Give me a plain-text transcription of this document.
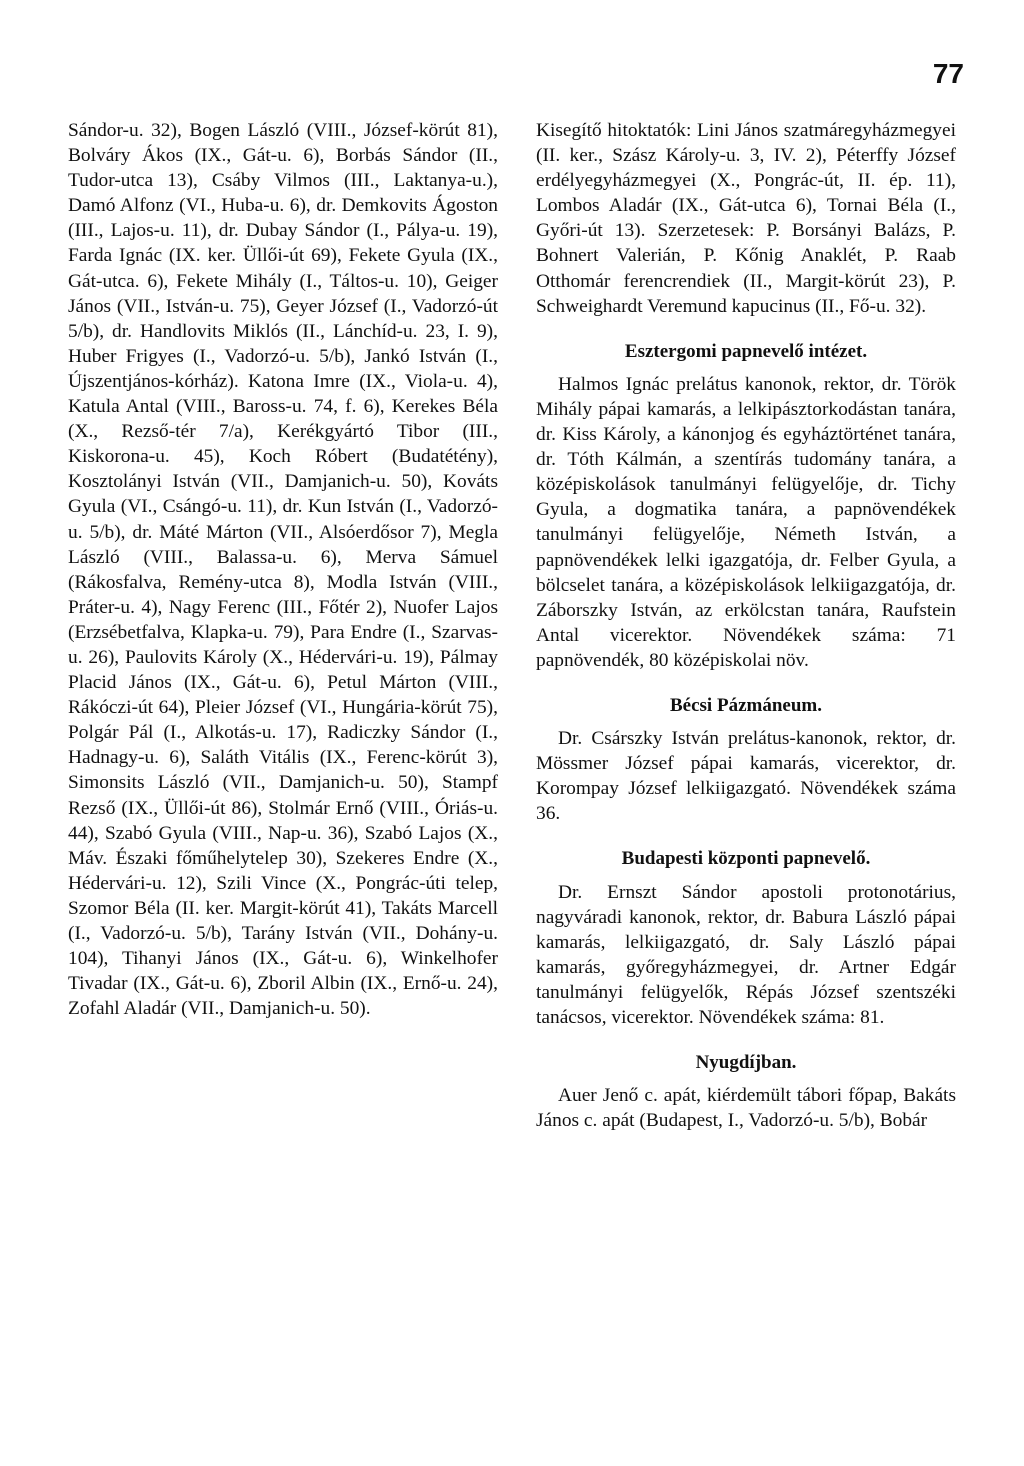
77

Sándor-u. 32), Bogen László (VIII., József-körút 81), Bolváry Ákos (IX., Gát-u. 6), Borbás Sándor (II., Tudor-utca 13), Csáby Vilmos (III., Laktanya-u.), Damó Alfonz (VI., Huba-u. 6), dr. Demkovits Ágoston (III., Lajos-u. 11), dr. Dubay Sándor (I., Pálya-u. 19), Farda Ignác (IX. ker. Üllői-út 69), Fekete Gyula (IX., Gát-utca. 6), Fekete Mihály (I., Táltos-u. 10), Geiger János (VII., István-u. 75), Geyer József (I., Vadorzó-út 5/b), dr. Handlovits Miklós (II., Lánchíd-u. 23, I. 9), Huber Frigyes (I., Vadorzó-u. 5/b), Jankó István (I., Újszentjános-kórház). Katona Imre (IX., Viola-u. 4), Katula Antal (VIII., Baross-u. 74, f. 6), Kerekes Béla (X., Rezső-tér 7/a), Kerékgyártó Tibor (III., Kiskorona-u. 45), Koch Róbert (Budatétény), Kosztolányi István (VII., Damjanich-u. 50), Kováts Gyula (VI., Csángó-u. 11), dr. Kun István (I., Vadorzó-u. 5/b), dr. Máté Márton (VII., Alsóerdősor 7), Megla László (VIII., Balassa-u. 6), Merva Sámuel (Rákosfalva, Remény-utca 8), Modla István (VIII., Práter-u. 4), Nagy Ferenc (III., Főtér 2), Nuofer Lajos (Erzsébetfalva, Klapka-u. 79), Para Endre (I., Szarvas-u. 26), Paulovits Károly (X., Hédervári-u. 19), Pálmay Placid János (IX., Gát-u. 6), Petul Márton (VIII., Rákóczi-út 64), Pleier József (VI., Hungária-körút 75), Polgár Pál (I., Alkotás-u. 17), Radiczky Sándor (I., Hadnagy-u. 6), Saláth Vitális (IX., Ferenc-körút 3), Simonsits László (VII., Damjanich-u. 50), Stampf Rezső (IX., Üllői-út 86), Stolmár Ernő (VIII., Óriás-u. 44), Szabó Gyula (VIII., Nap-u. 36), Szabó Lajos (X., Máv. Északi főműhelytelep 30), Szekeres Endre (X., Hédervári-u. 12), Szili Vince (X., Pongrác-úti telep, Szomor Béla (II. ker. Margit-körút 41), Takáts Marcell (I., Vadorzó-u. 5/b), Tarány István (VII., Dohány-u. 104), Tihanyi János (IX., Gát-u. 6), Winkelhofer Tivadar (IX., Gát-u. 6), Zboril Albin (IX., Ernő-u. 24), Zofahl Aladár (VII., Damjanich-u. 50).

Kisegítő hitoktatók: Lini János szatmáregyházmegyei (II. ker., Szász Károly-u. 3, IV. 2), Péterffy József erdélyegyházmegyei (X., Pongrác-út, II. ép. 11), Lombos Aladár (IX., Gát-utca 6), Tornai Béla (I., Győri-út 13). Szerzetesek: P. Borsányi Balázs, P. Bohnert Valerián, P. Kőnig Anaklét, P. Raab Otthomár ferencrendiek (II., Margit-körút 23), P. Schweighardt Veremund kapucinus (II., Fő-u. 32).

Esztergomi papnevelő intézet.

Halmos Ignác prelátus kanonok, rektor, dr. Török Mihály pápai kamarás, a lelkipásztorkodástan tanára, dr. Kiss Károly, a kánonjog és egyháztörténet tanára, dr. Tóth Kálmán, a szentírás tudomány tanára, a középiskolások tanulmányi felügyelője, dr. Tichy Gyula, a dogmatika tanára, a papnövendékek tanulmányi felügyelője, Németh István, a papnövendékek lelki igazgatója, dr. Felber Gyula, a bölcselet tanára, a középiskolások lelkiigazgatója, dr. Záborszky István, az erkölcstan tanára, Raufstein Antal vicerektor. Növendékek száma: 71 papnövendék, 80 középiskolai növ.

Bécsi Pázmáneum.

Dr. Csárszky István prelátus-kanonok, rektor, dr. Mössmer József pápai kamarás, vicerektor, dr. Korompay József lelkiigazgató. Növendékek száma 36.

Budapesti központi papnevelő.

Dr. Ernszt Sándor apostoli protonotárius, nagyváradi kanonok, rektor, dr. Babura László pápai kamarás, lelkiigazgató, dr. Saly László pápai kamarás, győregyházmegyei, dr. Artner Edgár tanulmányi felügyelők, Répás József szentszéki tanácsos, vicerektor. Növendékek száma: 81.

Nyugdíjban.

Auer Jenő c. apát, kiérdemült tábori főpap, Bakáts János c. apát (Budapest, I., Vadorzó-u. 5/b), Bobár
